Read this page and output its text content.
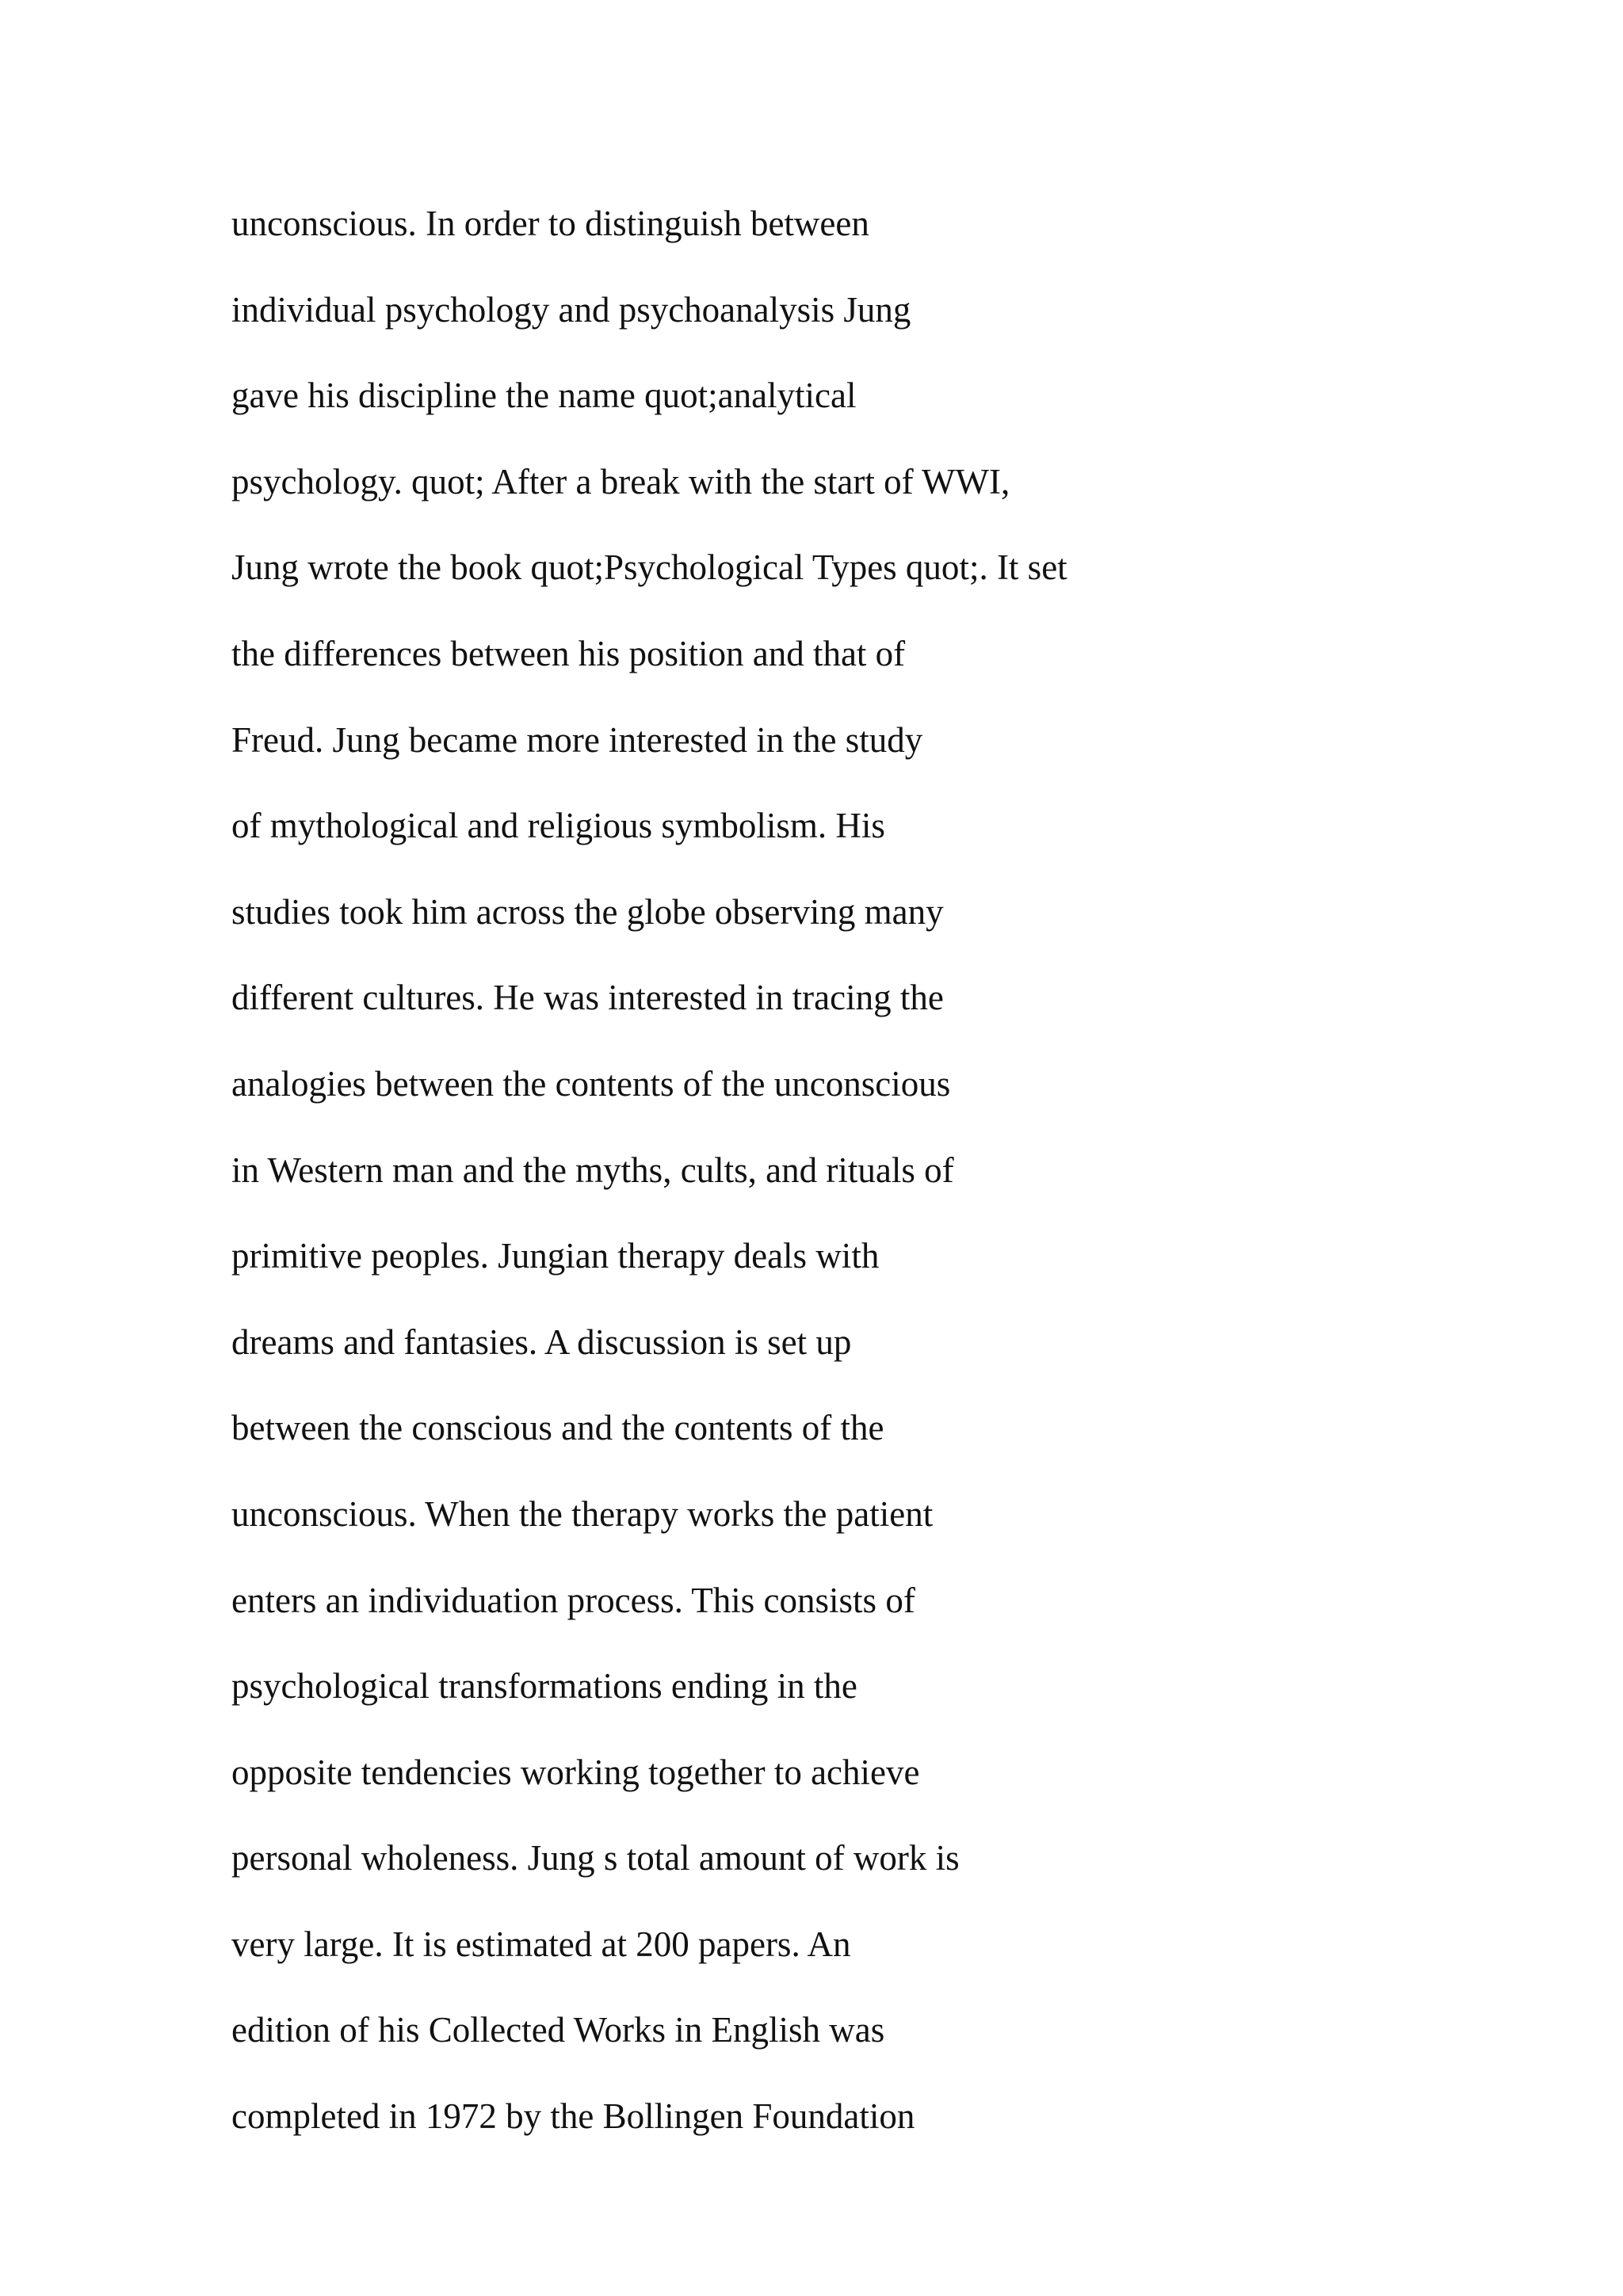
unconscious. In order to distinguish between
individual psychology and psychoanalysis Jung
gave his discipline the name quot;analytical
psychology. quot; After a break with the start of WWI,
Jung wrote the book quot;Psychological Types quot;. It set
the differences between his position and that of
Freud. Jung became more interested in the study
of mythological and religious symbolism. His
studies took him across the globe observing many
different cultures. He was interested in tracing the
analogies between the contents of the unconscious
in Western man and the myths, cults, and rituals of
primitive peoples. Jungian therapy deals with
dreams and fantasies. A discussion is set up
between the conscious and the contents of the
unconscious. When the therapy works the patient
enters an individuation process. This consists of
psychological transformations ending in the
opposite tendencies working together to achieve
personal wholeness. Jung s total amount of work is
very large. It is estimated at 200 papers. An
edition of his Collected Works in English was
completed in 1972 by the Bollingen Foundation
